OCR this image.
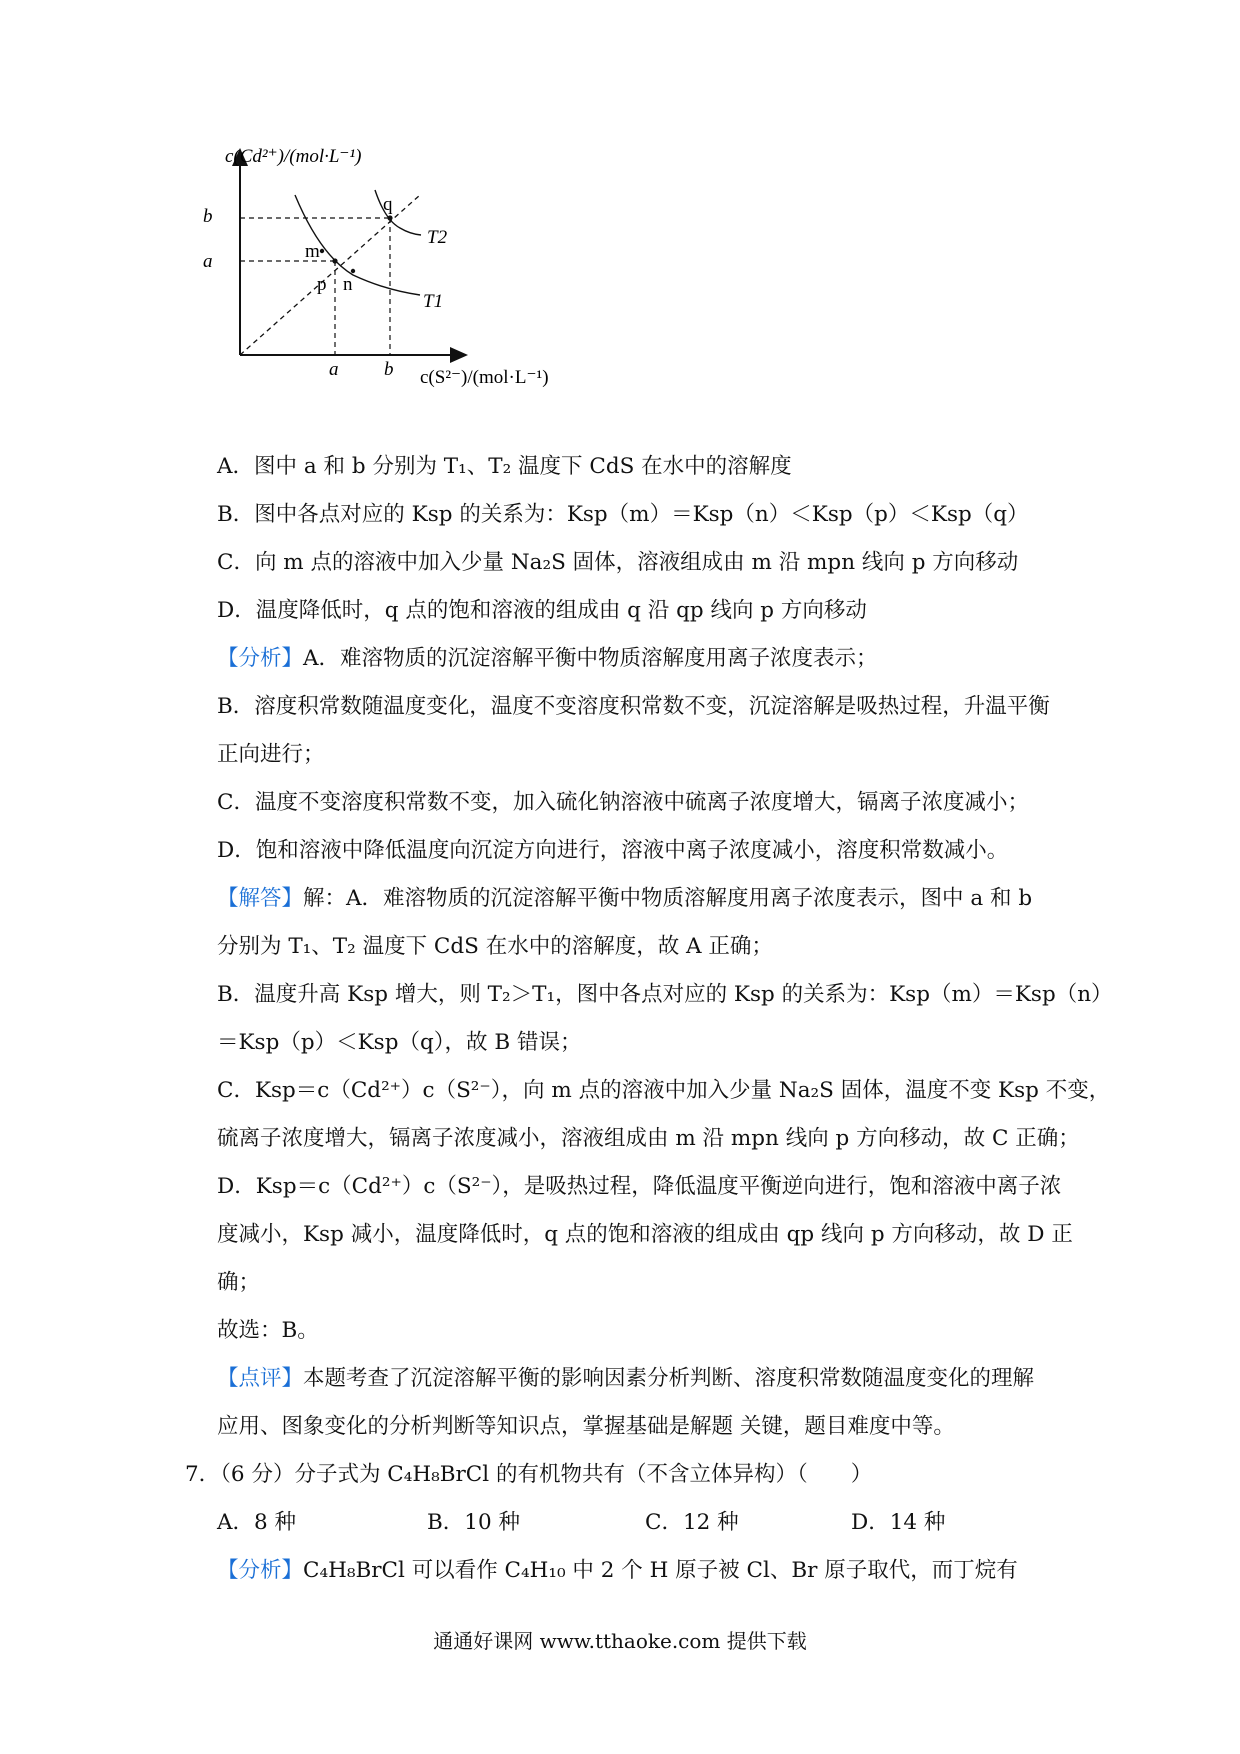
c(Cd²⁺)/(mol·L⁻¹)
c(S²⁻)/(mol·L⁻¹)
b
a
a b
T2
T1
q
m
p n
A．图中 a 和 b 分别为 T₁、T₂ 温度下 CdS 在水中的溶解度
B．图中各点对应的 Ksp 的关系为：Ksp（m）＝Ksp（n）＜Ksp（p）＜Ksp（q）
C．向 m 点的溶液中加入少量 Na₂S 固体，溶液组成由 m 沿 mpn 线向 p 方向移动
D．温度降低时，q 点的饱和溶液的组成由 q 沿 qp 线向 p 方向移动
【分析】A．难溶物质的沉淀溶解平衡中物质溶解度用离子浓度表示；
B．溶度积常数随温度变化，温度不变溶度积常数不变，沉淀溶解是吸热过程，升温平衡
正向进行；
C．温度不变溶度积常数不变，加入硫化钠溶液中硫离子浓度增大，镉离子浓度减小；
D．饱和溶液中降低温度向沉淀方向进行，溶液中离子浓度减小，溶度积常数减小。
【解答】解：A．难溶物质的沉淀溶解平衡中物质溶解度用离子浓度表示，图中 a 和 b
分别为 T₁、T₂ 温度下 CdS 在水中的溶解度，故 A 正确；
B．温度升高 Ksp 增大，则 T₂＞T₁，图中各点对应的 Ksp 的关系为：Ksp（m）＝Ksp（n）
＝Ksp（p）＜Ksp（q），故 B 错误；
C．Ksp＝c（Cd²⁺）c（S²⁻），向 m 点的溶液中加入少量 Na₂S 固体，温度不变 Ksp 不变，
硫离子浓度增大，镉离子浓度减小，溶液组成由 m 沿 mpn 线向 p 方向移动，故 C 正确；
D．Ksp＝c（Cd²⁺）c（S²⁻），是吸热过程，降低温度平衡逆向进行，饱和溶液中离子浓
度减小，Ksp 减小，温度降低时，q 点的饱和溶液的组成由 qp 线向 p 方向移动，故 D 正
确；
故选：B。
【点评】本题考查了沉淀溶解平衡的影响因素分析判断、溶度积常数随温度变化的理解
应用、图象变化的分析判断等知识点，掌握基础是解题 关键，题目难度中等。
7．（6 分）分子式为 C₄H₈BrCl 的有机物共有（不含立体异构）（　　）
A．8 种	B．10 种	C．12 种	D．14 种
【分析】C₄H₈BrCl 可以看作 C₄H₁₀ 中 2 个 H 原子被 Cl、Br 原子取代，而丁烷有
通通好课网 www.tthaoke.com 提供下载
